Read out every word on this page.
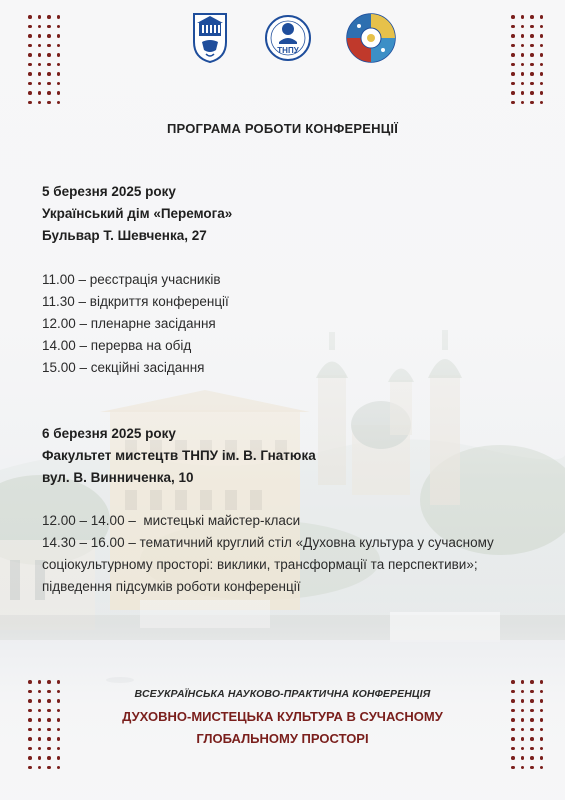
ТНПУ
ПРОГРАМА РОБОТИ КОНФЕРЕНЦІЇ
5 березня 2025 року
Український дім «Перемога»
Бульвар Т. Шевченка, 27
11.00 – реєстрація учасників
11.30 – відкриття конференції
12.00 – пленарне засідання
14.00 – перерва на обід
15.00 – секційні засідання
6 березня 2025 року
Факультет мистецтв ТНПУ ім. В. Гнатюка
вул. В. Винниченка, 10
12.00 – 14.00 –  мистецькі майстер-класи
14.30 – 16.00 – тематичний круглий стіл «Духовна культура у сучасному соціокультурному просторі: виклики, трансформації та перспективи»; підведення підсумків роботи конференції
ВСЕУКРАЇНСЬКА НАУКОВО-ПРАКТИЧНА КОНФЕРЕНЦІЯ
ДУХОВНО-МИСТЕЦЬКА КУЛЬТУРА В СУЧАСНОМУ
ГЛОБАЛЬНОМУ ПРОСТОРІ
